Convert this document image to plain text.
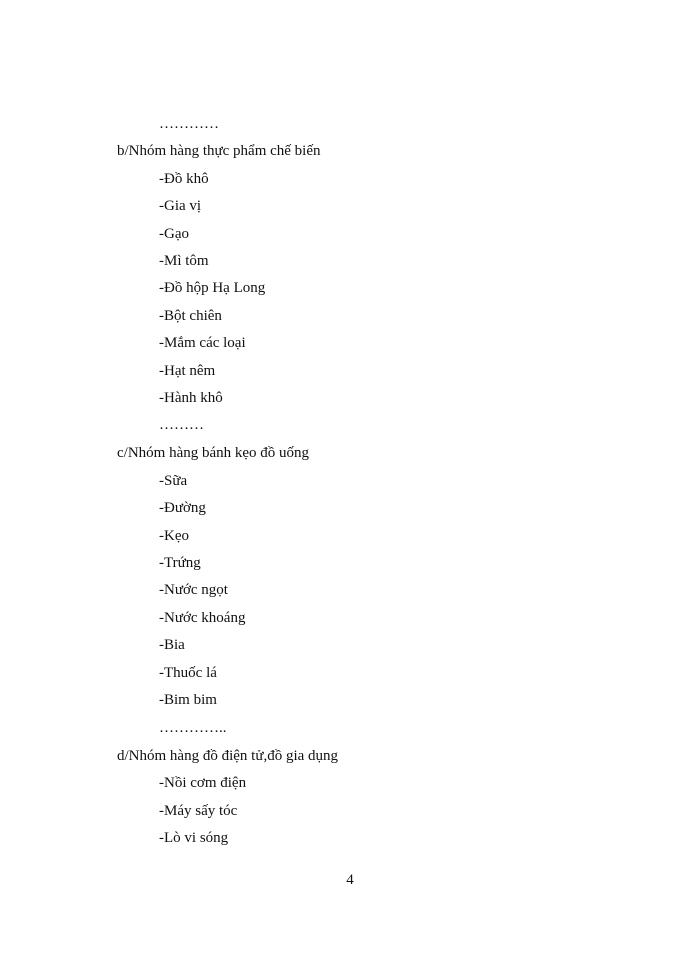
…………
b/Nhóm hàng thực phẩm chế biến
-Đồ khô
-Gia vị
-Gạo
-Mì tôm
-Đồ hộp Hạ Long
-Bột chiên
-Mắm các loại
-Hạt nêm
-Hành khô
………
c/Nhóm hàng bánh kẹo đồ uống
-Sữa
-Đường
-Kẹo
-Trứng
-Nước ngọt
-Nước khoáng
-Bia
-Thuốc lá
-Bim bim
…………..
d/Nhóm hàng đồ điện tử,đồ gia dụng
-Nồi cơm điện
-Máy sấy tóc
-Lò vi sóng
4
